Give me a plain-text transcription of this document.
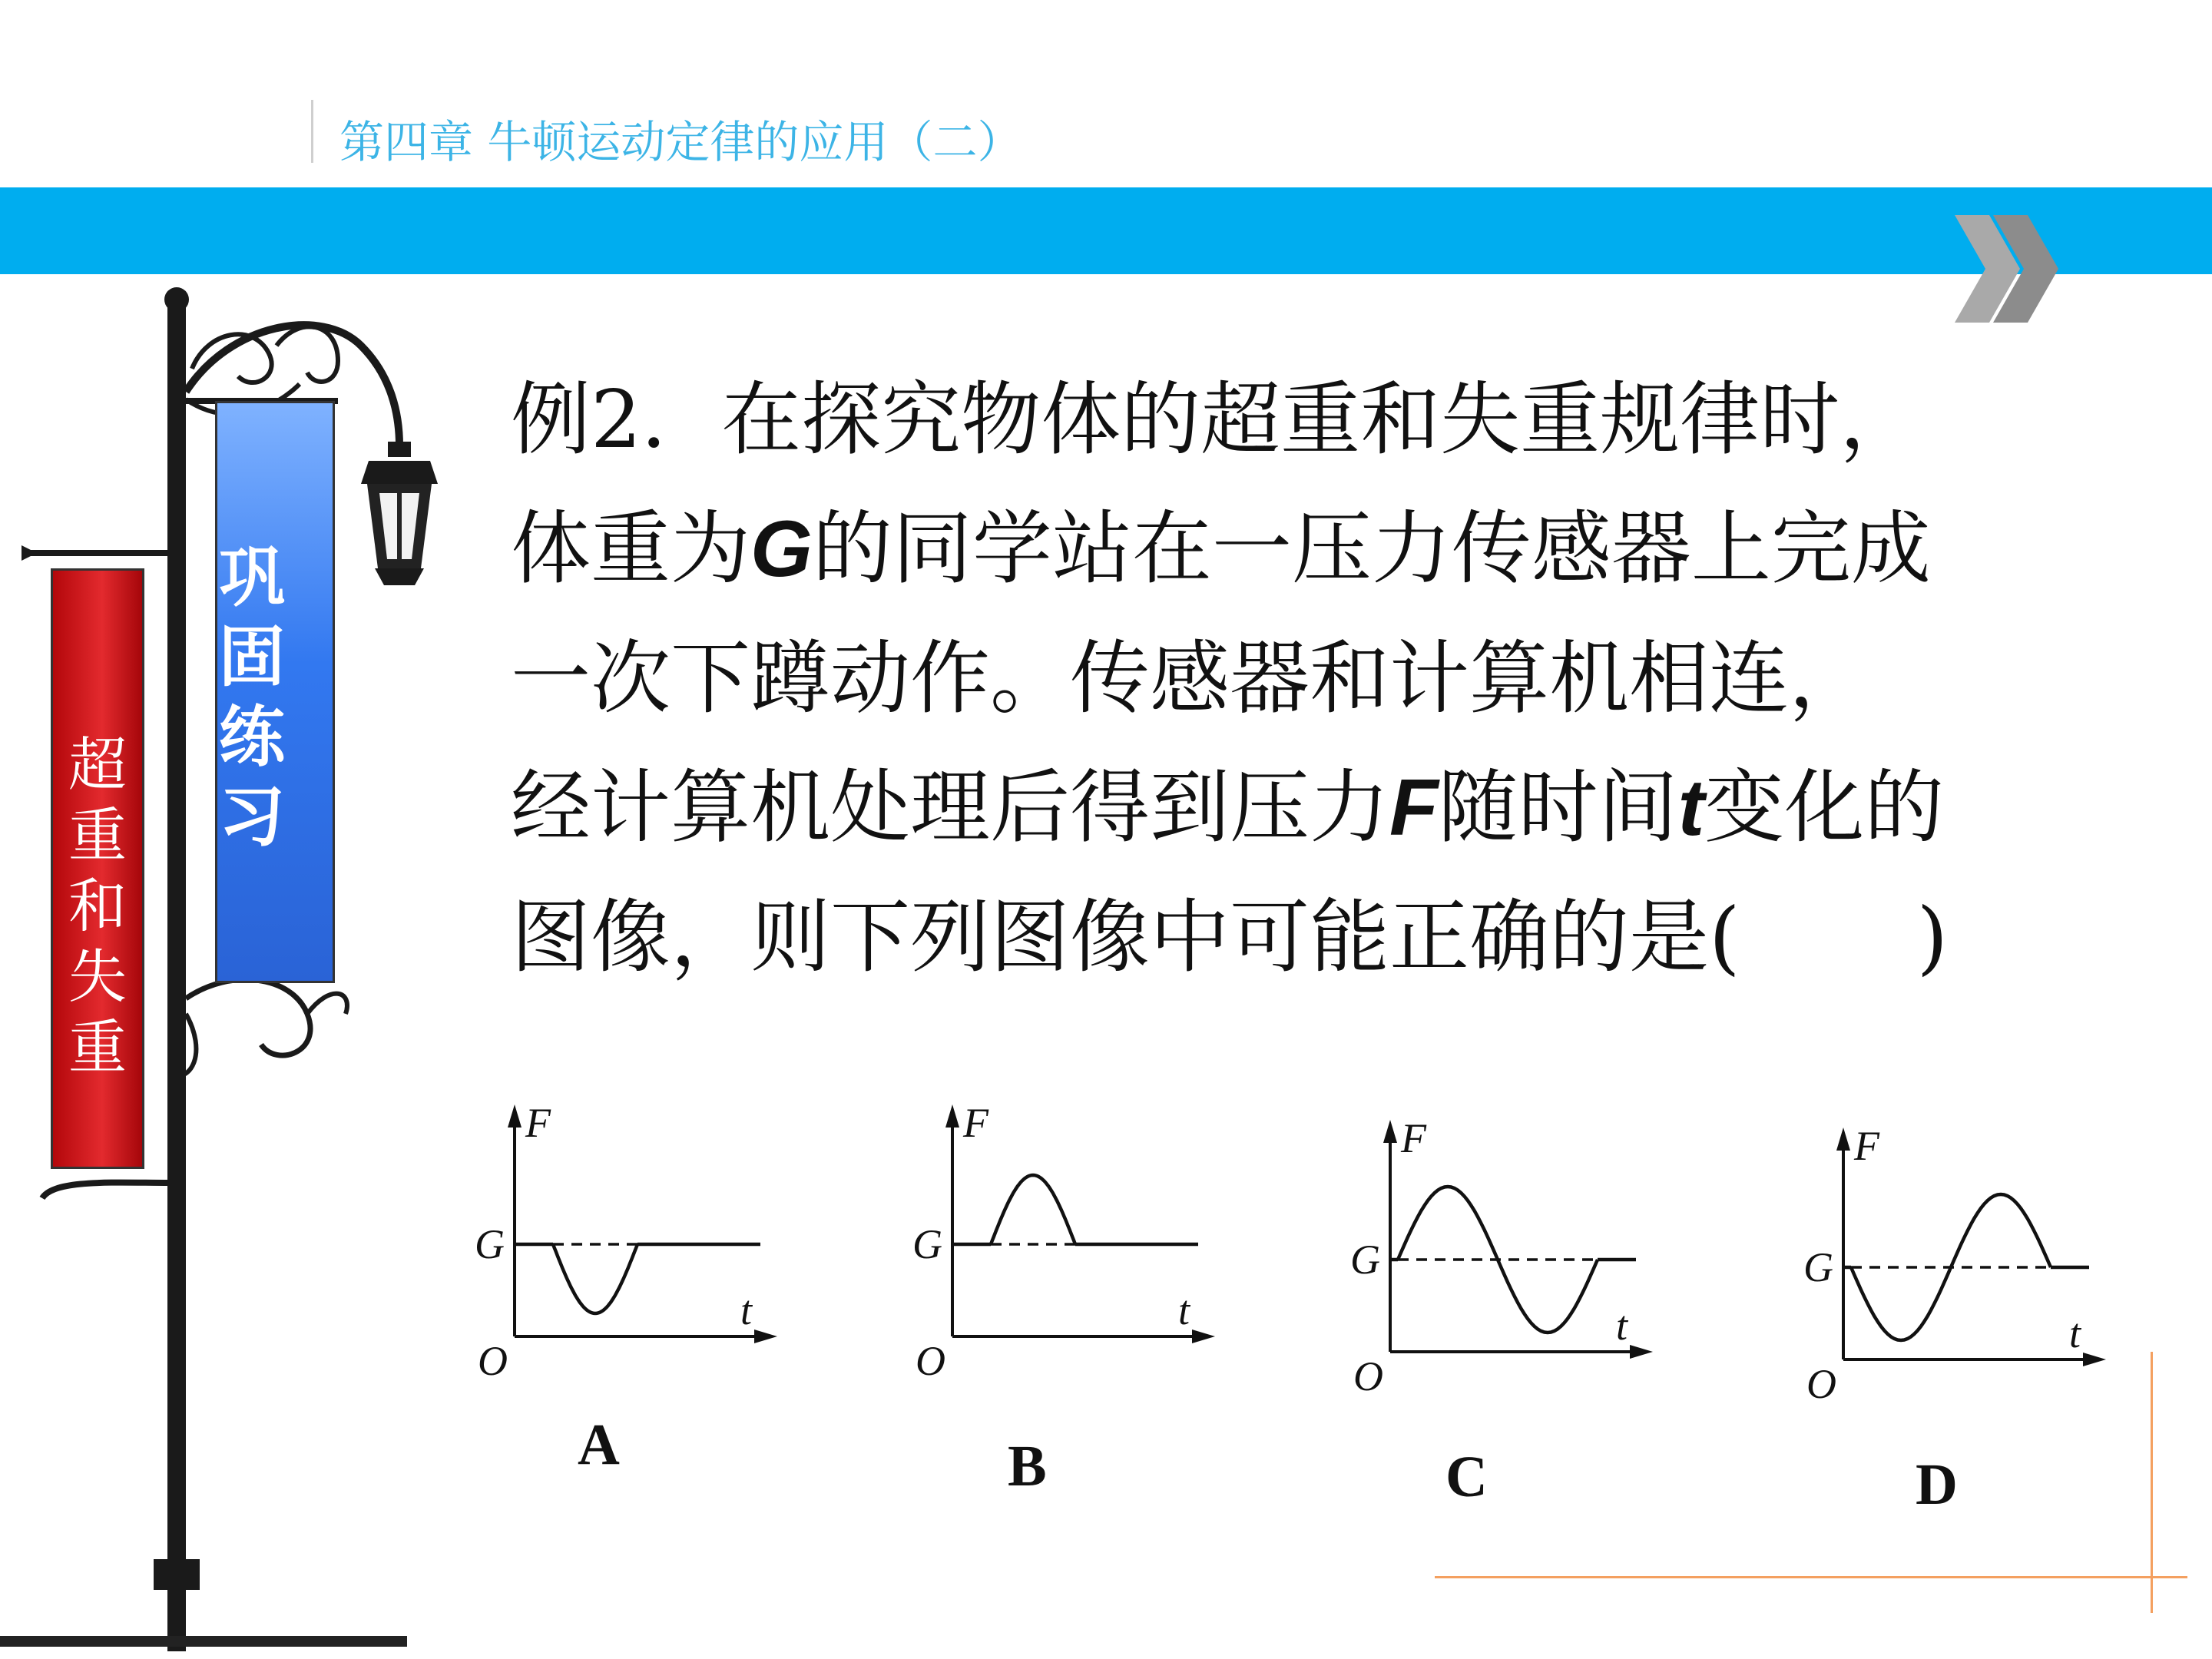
第四章 牛顿运动定律的应用（二）
超
重
和
失
重
巩
固
练
习
例2．在探究物体的超重和失重规律时，
体重为G的同学站在一压力传感器上完成
一次下蹲动作。传感器和计算机相连，
经计算机处理后得到压力F随时间t变化的
图像，则下列图像中可能正确的是( )
F
t
O
G
F
t
O
G
F
t
O
G
F
t
O
G
A	B	C	D
